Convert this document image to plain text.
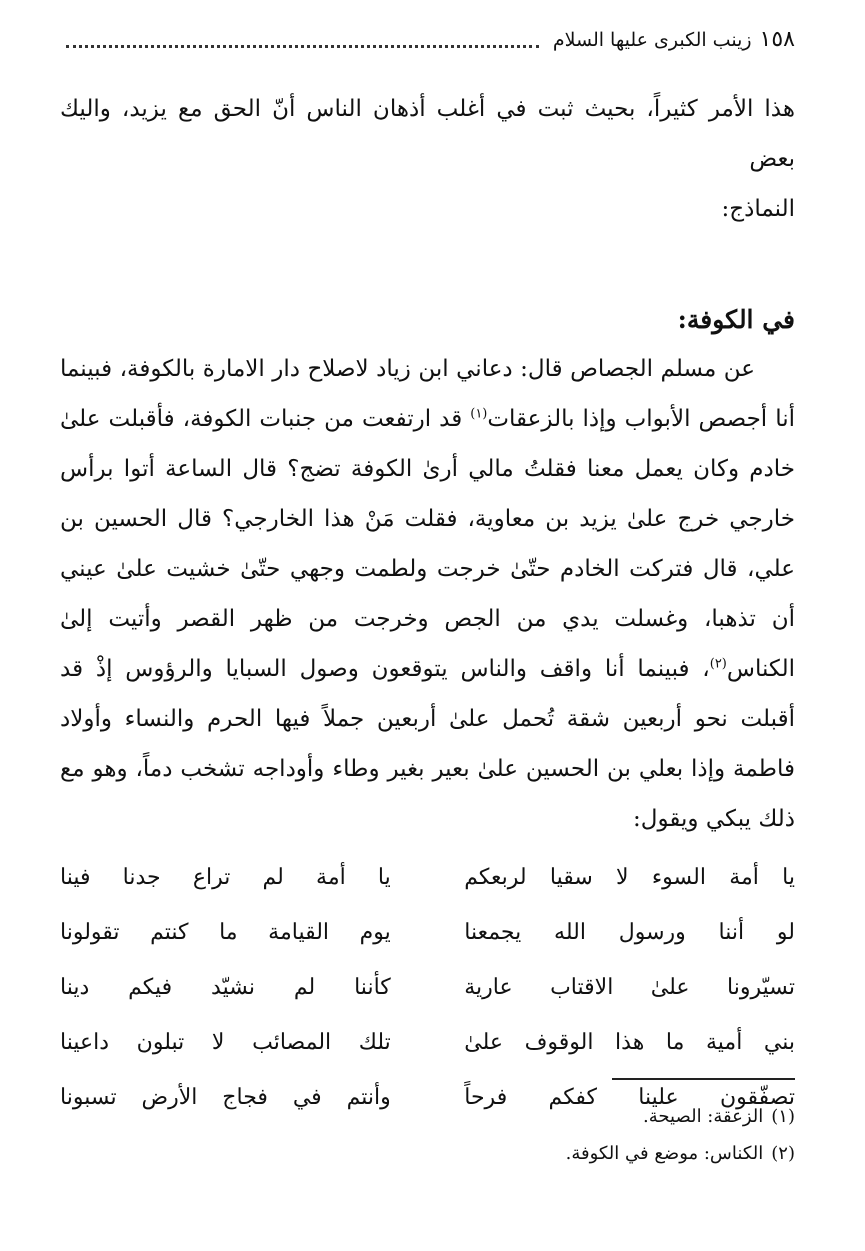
١٥٨
زينب الكبرى عليها السلام

هذا الأمر كثيراً، بحيث ثبت في أغلب أذهان الناس أنّ الحق مع يزيد، واليك بعض

النماذج:

في الكوفة:

عن مسلم الجصاص قال: دعاني ابن زياد لاصلاح دار الامارة بالكوفة، فبينما أنا أجصص الأبواب وإذا بالزعقات$^{(١)}$ قد ارتفعت من جنبات الكوفة، فأقبلت علىٰ خادم وكان يعمل معنا فقلتُ مالي أرىٰ الكوفة تضج؟ قال الساعة أتوا برأس خارجي خرج علىٰ يزيد بن معاوية، فقلت مَنْ هذا الخارجي؟ قال الحسين بن علي، قال فتركت الخادم حتّىٰ خرجت ولطمت وجهي حتّىٰ خشيت علىٰ عيني أن تذهبا، وغسلت يدي من الجص وخرجت من ظهر القصر وأتيت إلىٰ الكناس$^{(٢)}$، فبينما أنا واقف والناس يتوقعون وصول السبايا والرؤوس إذْ قد أقبلت نحو أربعين شقة تُحمل علىٰ أربعين جملاً فيها الحرم والنساء وأولاد فاطمة وإذا بعلي بن الحسين علىٰ بعير بغير وطاء وأوداجه تشخب دماً، وهو مع ذلك يبكي ويقول:

يا أمة السوء لا سقيا لربعكم
يا أمة لم تراع جدنا فينا
لو أننا ورسول الله يجمعنا
يوم القيامة ما كنتم تقولونا
تسيّرونا علىٰ الاقتاب عارية
كأننا لم نشيّد فيكم دينا
بني أمية ما هذا الوقوف علىٰ
تلك المصائب لا تبلون داعينا
تصفّقون علينا كفكم فرحاً
وأنتم في فجاج الأرض تسبونا

(١)الزعقة: الصيحة.

(٢)الكناس: موضع في الكوفة.
